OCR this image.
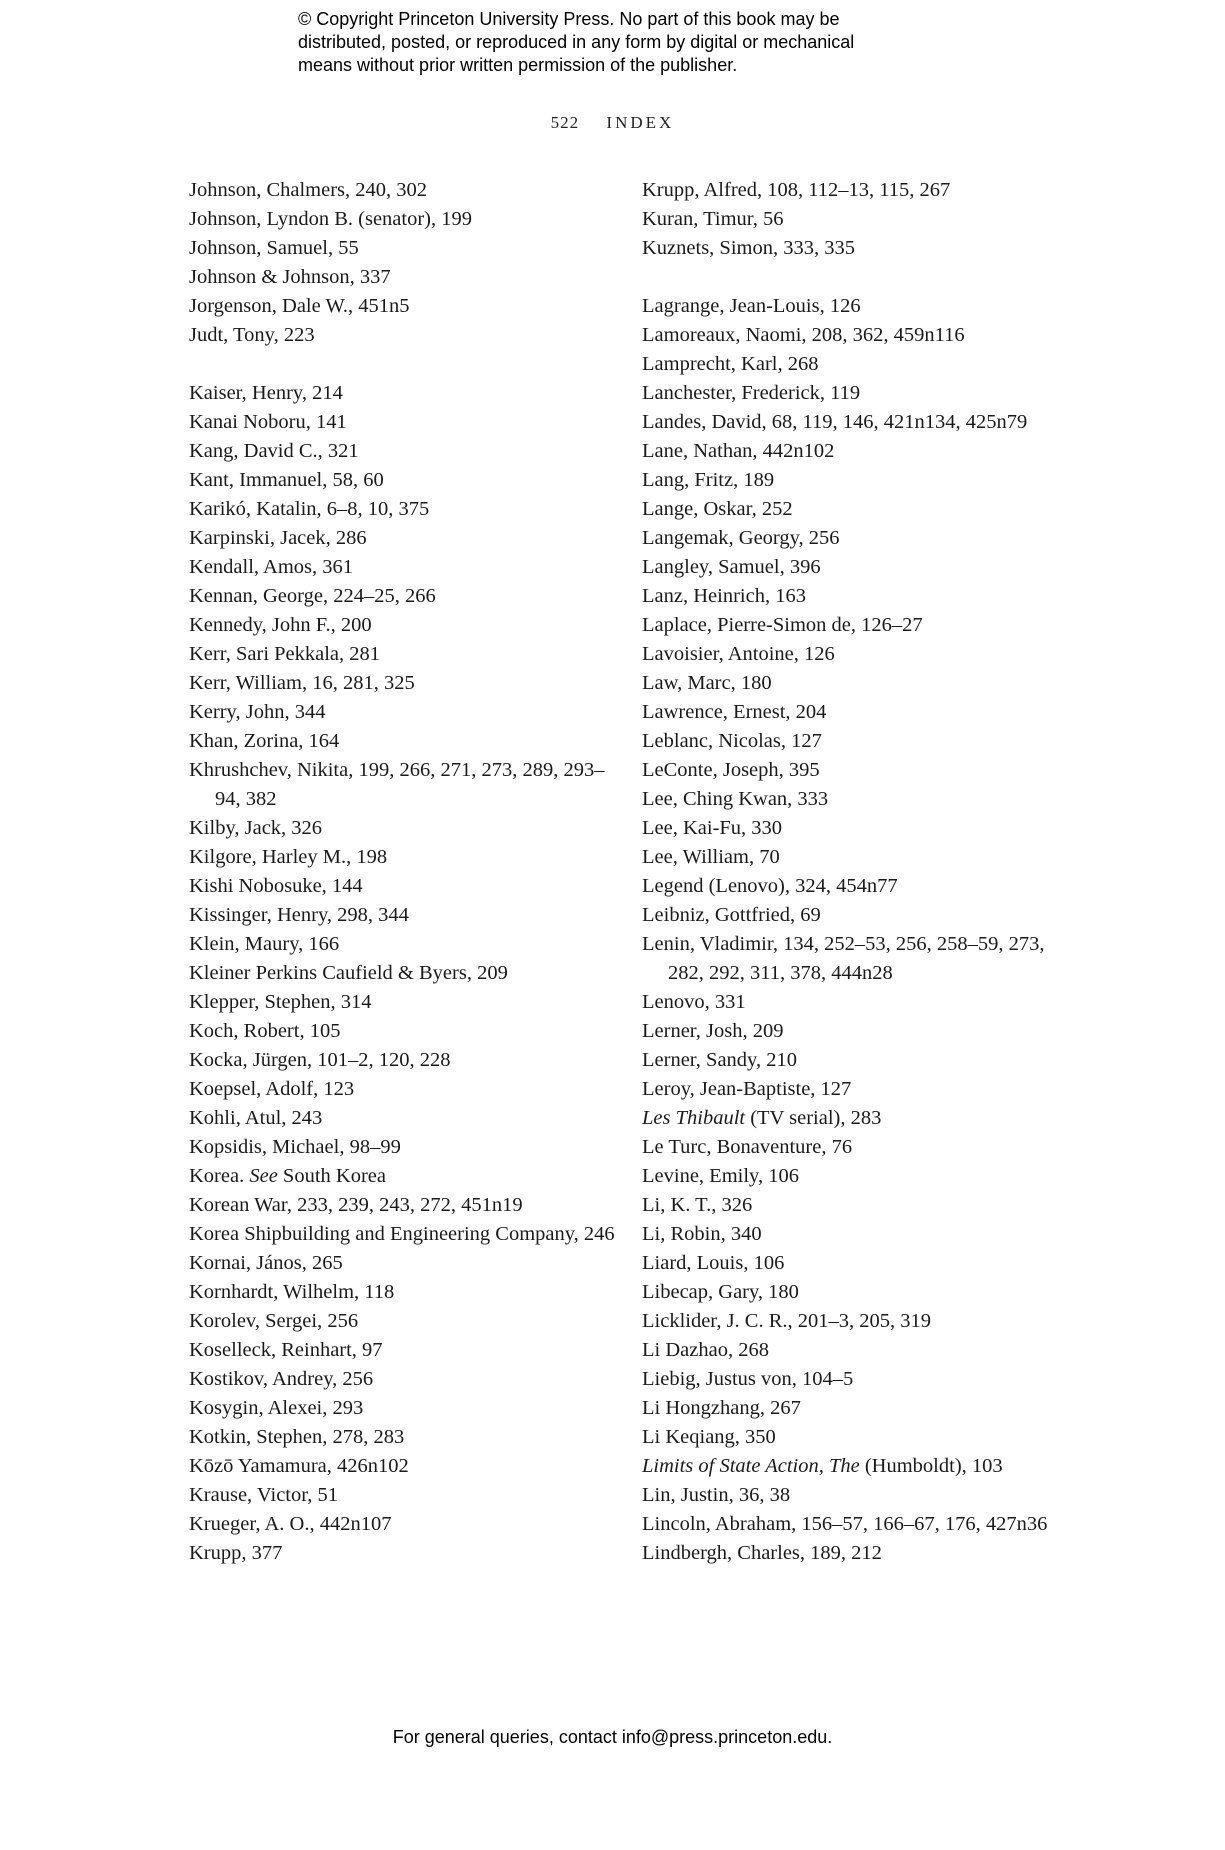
© Copyright Princeton University Press. No part of this book may be
distributed, posted, or reproduced in any form by digital or mechanical
means without prior written permission of the publisher.
522 INDEX
Johnson, Chalmers, 240, 302
Johnson, Lyndon B. (senator), 199
Johnson, Samuel, 55
Johnson & Johnson, 337
Jorgenson, Dale W., 451n5
Judt, Tony, 223
Kaiser, Henry, 214
Kanai Noboru, 141
Kang, David C., 321
Kant, Immanuel, 58, 60
Karikó, Katalin, 6–8, 10, 375
Karpinski, Jacek, 286
Kendall, Amos, 361
Kennan, George, 224–25, 266
Kennedy, John F., 200
Kerr, Sari Pekkala, 281
Kerr, William, 16, 281, 325
Kerry, John, 344
Khan, Zorina, 164
Khrushchev, Nikita, 199, 266, 271, 273, 289, 293–94, 382
Kilby, Jack, 326
Kilgore, Harley M., 198
Kishi Nobosuke, 144
Kissinger, Henry, 298, 344
Klein, Maury, 166
Kleiner Perkins Caufield & Byers, 209
Klepper, Stephen, 314
Koch, Robert, 105
Kocka, Jürgen, 101–2, 120, 228
Koepsel, Adolf, 123
Kohli, Atul, 243
Kopsidis, Michael, 98–99
Korea. See South Korea
Korean War, 233, 239, 243, 272, 451n19
Korea Shipbuilding and Engineering Company, 246
Kornai, János, 265
Kornhardt, Wilhelm, 118
Korolev, Sergei, 256
Koselleck, Reinhart, 97
Kostikov, Andrey, 256
Kosygin, Alexei, 293
Kotkin, Stephen, 278, 283
Kōzō Yamamura, 426n102
Krause, Victor, 51
Krueger, A. O., 442n107
Krupp, 377
Krupp, Alfred, 108, 112–13, 115, 267
Kuran, Timur, 56
Kuznets, Simon, 333, 335
Lagrange, Jean-Louis, 126
Lamoreaux, Naomi, 208, 362, 459n116
Lamprecht, Karl, 268
Lanchester, Frederick, 119
Landes, David, 68, 119, 146, 421n134, 425n79
Lane, Nathan, 442n102
Lang, Fritz, 189
Lange, Oskar, 252
Langemak, Georgy, 256
Langley, Samuel, 396
Lanz, Heinrich, 163
Laplace, Pierre-Simon de, 126–27
Lavoisier, Antoine, 126
Law, Marc, 180
Lawrence, Ernest, 204
Leblanc, Nicolas, 127
LeConte, Joseph, 395
Lee, Ching Kwan, 333
Lee, Kai-Fu, 330
Lee, William, 70
Legend (Lenovo), 324, 454n77
Leibniz, Gottfried, 69
Lenin, Vladimir, 134, 252–53, 256, 258–59, 273, 282, 292, 311, 378, 444n28
Lenovo, 331
Lerner, Josh, 209
Lerner, Sandy, 210
Leroy, Jean-Baptiste, 127
Les Thibault (TV serial), 283
Le Turc, Bonaventure, 76
Levine, Emily, 106
Li, K. T., 326
Li, Robin, 340
Liard, Louis, 106
Libecap, Gary, 180
Licklider, J. C. R., 201–3, 205, 319
Li Dazhao, 268
Liebig, Justus von, 104–5
Li Hongzhang, 267
Li Keqiang, 350
Limits of State Action, The (Humboldt), 103
Lin, Justin, 36, 38
Lincoln, Abraham, 156–57, 166–67, 176, 427n36
Lindbergh, Charles, 189, 212
For general queries, contact info@press.princeton.edu.
